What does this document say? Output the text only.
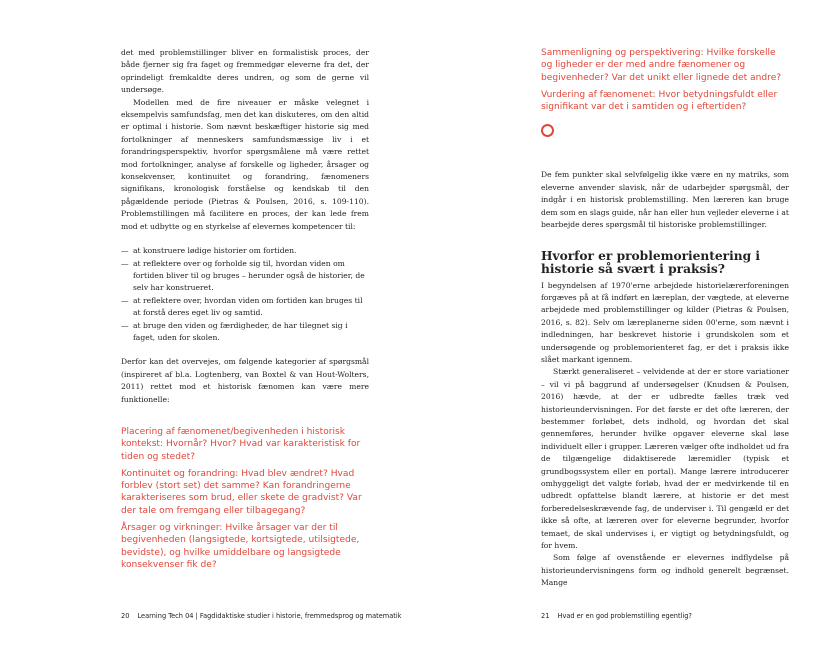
det med problemstillinger bliver en formalistisk proces, der både fjerner sig fra faget og fremmedgør eleverne fra det, der oprindeligt fremkaldte deres undren, og som de gerne vil undersøge.

Modellen med de fire niveauer er måske velegnet i eksempelvis samfundsfag, men det kan diskuteres, om den altid er optimal i historie. Som nævnt beskæftiger historie sig med fortolkninger af menneskers samfundsmæssige liv i et forandringsperspektiv, hvorfor spørgsmålene må være rettet mod fortolkninger, analyse af forskelle og ligheder, årsager og konsekvenser, kontinuitet og forandring, fænomeners signifikans, kronologisk forståelse og kendskab til den pågældende periode (Pietras & Poulsen, 2016, s. 109-110). Problemstillingen må facilitere en proces, der kan lede frem mod et udbytte og en styrkelse af elevernes kompetencer til:

— at konstruere lødige historier om fortiden.
— at reflektere over og forholde sig til, hvordan viden om fortiden bliver til og bruges – herunder også de historier, de selv har konstrueret.
— at reflektere over, hvordan viden om fortiden kan bruges til at forstå deres eget liv og samtid.
— at bruge den viden og færdigheder, de har tilegnet sig i faget, uden for skolen.

Derfor kan det overvejes, om følgende kategorier af spørgsmål (inspireret af bl.a. Logtenberg, van Boxtel & van Hout-Wolters, 2011) rettet mod et historisk fænomen kan være mere funktionelle:

Placering af fænomenet/begivenheden i historisk kontekst: Hvornår? Hvor? Hvad var karakteristisk for tiden og stedet?

Kontinuitet og forandring: Hvad blev ændret? Hvad forblev (stort set) det samme? Kan forandringerne karakteriseres som brud, eller skete de gradvist? Var der tale om fremgang eller tilbagegang?

Årsager og virkninger: Hvilke årsager var der til begivenheden (langsigtede, kortsigtede, utilsigtede, bevidste), og hvilke umiddelbare og langsigtede konsekvenser fik de?

20 Learning Tech 04 | Fagdidaktiske studier i historie, fremmedsprog og matematik

Sammenligning og perspektivering: Hvilke forskelle og ligheder er der med andre fænomener og begivenheder? Var det unikt eller lignede det andre?

Vurdering af fænomenet: Hvor betydningsfuldt eller signifikant var det i samtiden og i eftertiden?

De fem punkter skal selvfølgelig ikke være en ny matriks, som eleverne anvender slavisk, når de udarbejder spørgsmål, der indgår i en historisk problemstilling. Men læreren kan bruge dem som en slags guide, når han eller hun vejleder eleverne i at bearbejde deres spørgsmål til historiske problemstillinger.

Hvorfor er problemorientering i historie så svært i praksis?

I begyndelsen af 1970'erne arbejdede historielærerforeningen forgæves på at få indført en læreplan, der vægtede, at eleverne arbejdede med problemstillinger og kilder (Pietras & Poulsen, 2016, s. 82). Selv om læreplanerne siden 00'erne, som nævnt i indledningen, har beskrevet historie i grundskolen som et undersøgende og problemorienteret fag, er det i praksis ikke slået markant igennem.

Stærkt generaliseret – velvidende at der er store variationer – vil vi på baggrund af undersøgelser (Knudsen & Poulsen, 2016) hævde, at der er udbredte fælles træk ved historieundervisningen. For det første er det ofte læreren, der bestemmer forløbet, dets indhold, og hvordan det skal gennemføres, herunder hvilke opgaver eleverne skal løse individuelt eller i grupper. Læreren vælger ofte indholdet ud fra de tilgængelige didaktiserede læremidler (typisk et grundbogssystem eller en portal). Mange lærere introducerer omhyggeligt det valgte forløb, hvad der er medvirkende til en udbredt opfattelse blandt lærere, at historie er det mest forberedelseskrævende fag, de underviser i. Til gengæld er det ikke så ofte, at læreren over for eleverne begrunder, hvorfor temaet, de skal undervises i, er vigtigt og betydningsfuldt, og for hvem.

Som følge af ovenstående er elevernes indflydelse på historieundervisningens form og indhold generelt begrænset. Mange

21 Hvad er en god problemstilling egentlig?
